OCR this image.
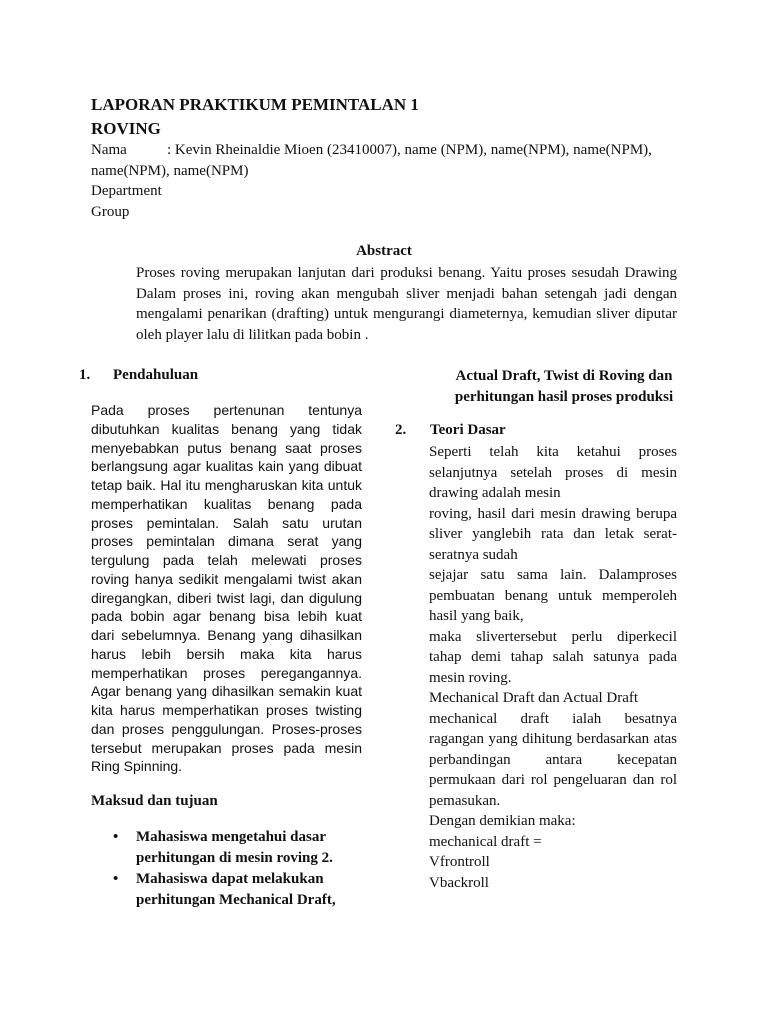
LAPORAN PRAKTIKUM PEMINTALAN 1
ROVING
Nama	: Kevin Rheinaldie Mioen (23410007), name (NPM), name(NPM), name(NPM), name(NPM), name(NPM)
Department
Group
Abstract
Proses roving merupakan lanjutan dari produksi benang. Yaitu proses sesudah Drawing Dalam proses ini, roving akan mengubah sliver menjadi bahan setengah jadi dengan mengalami penarikan (drafting) untuk mengurangi diameternya, kemudian sliver diputar oleh player lalu di lilitkan pada bobin .
1. Pendahuluan
Pada proses pertenunan tentunya dibutuhkan kualitas benang yang tidak menyebabkan putus benang saat proses berlangsung agar kualitas kain yang dibuat tetap baik. Hal itu mengharuskan kita untuk memperhatikan kualitas benang pada proses pemintalan. Salah satu urutan proses pemintalan dimana serat yang tergulung pada telah melewati proses roving hanya sedikit mengalami twist akan diregangkan, diberi twist lagi, dan digulung pada bobin agar benang bisa lebih kuat dari sebelumnya. Benang yang dihasilkan harus lebih bersih maka kita harus memperhatikan proses peregangannya. Agar benang yang dihasilkan semakin kuat kita harus memperhatikan proses twisting dan proses penggulungan. Proses-proses tersebut merupakan proses pada mesin Ring Spinning.
Maksud dan tujuan
• Mahasiswa mengetahui dasar perhitungan di mesin roving 2.
• Mahasiswa dapat melakukan perhitungan Mechanical Draft,
Actual Draft, Twist di Roving dan perhitungan hasil proses produksi
2. Teori Dasar
Seperti telah kita ketahui proses selanjutnya setelah proses di mesin drawing adalah mesin
roving, hasil dari mesin drawing berupa sliver yanglebih rata dan letak serat-seratnya sudah
sejajar satu sama lain. Dalamproses pembuatan benang untuk memperoleh hasil yang baik,
maka slivertersebut perlu diperkecil tahap demi tahap salah satunya pada mesin roving.
Mechanical Draft dan Actual Draft
mechanical draft ialah besatnya ragangan yang dihitung berdasarkan atas perbandingan antara kecepatan permukaan dari rol pengeluaran dan rol pemasukan.
Dengan demikian maka:
mechanical draft =
Vfrontroll
Vbackroll
